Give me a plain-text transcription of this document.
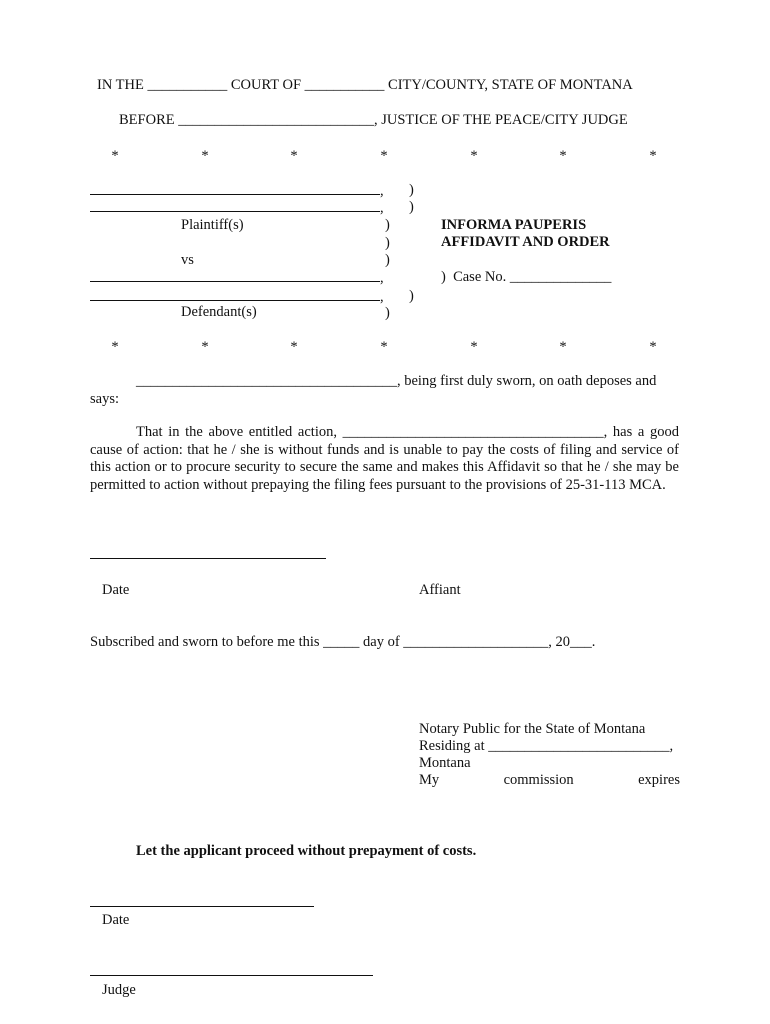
IN THE ___________ COURT OF ___________ CITY/COUNTY, STATE OF MONTANA
BEFORE ___________________________, JUSTICE OF THE PEACE/CITY JUDGE
*	*	*	*	*	*	*
,
,
Plaintiff(s)
vs
,
,
Defendant(s)
)
)
)
)
)
)
)
INFORMA PAUPERIS
AFFIDAVIT AND ORDER
)  Case No. ______________
*	*	*	*	*	*	*
____________________________________, being first duly sworn, on oath deposes and
says:
That in the above entitled action, ____________________________________, has a good cause of action: that he / she is without funds and is unable to pay the costs of filing and service of this action or to procure security to secure the same and makes this Affidavit so that he / she may be permitted to action without prepaying the filing fees pursuant to the provisions of 25-31-113 MCA.
Date	Affiant
Subscribed and sworn to before me this _____ day of ____________________, 20___.
Notary Public for the State of Montana
Residing at _________________________,
Montana
My	commission	expires
Let the applicant proceed without prepayment of costs.
Date
Judge
